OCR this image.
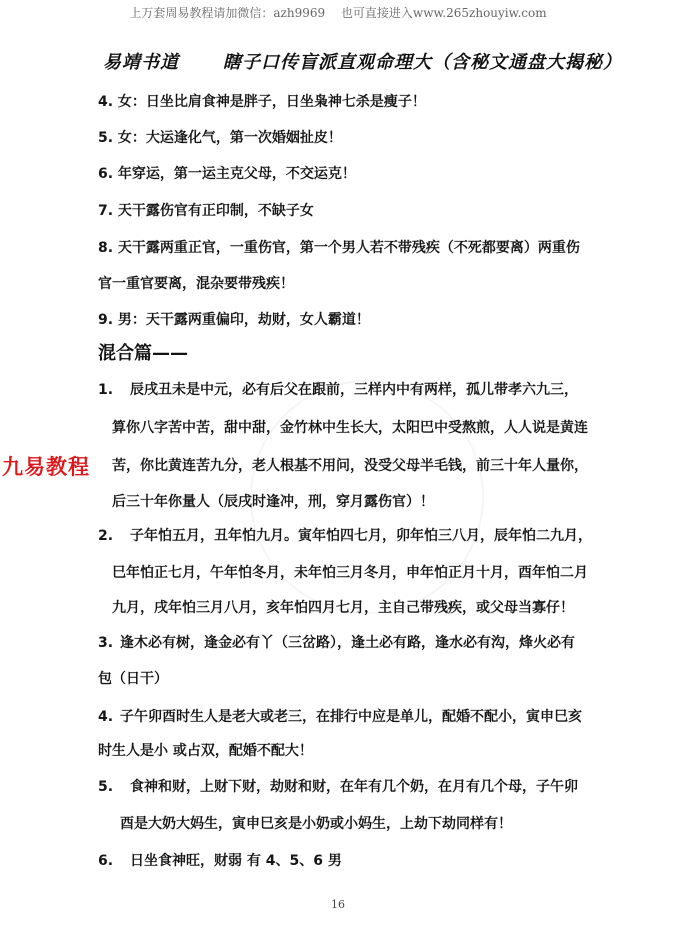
上万套周易教程请加微信：azh9969　 也可直接进入www.265zhouyiw.com
易靖书道 瞎子口传盲派直观命理大（含秘文通盘大揭秘）
4. 女：日坐比肩食神是胖子，日坐枭神七杀是瘦子！
5. 女：大运逢化气，第一次婚姻扯皮！
6. 年穿运，第一运主克父母，不交运克！
7. 天干露伤官有正印制，不缺子女
8. 天干露两重正官，一重伤官，第一个男人若不带残疾（不死都要离）两重伤
官一重官要离，混杂要带残疾！
9. 男：天干露两重偏印，劫财，女人霸道！
混合篇——
1. 辰戌丑未是中元，必有后父在跟前，三样内中有两样，孤儿带孝六九三，
算你八字苦中苦，甜中甜，金竹林中生长大，太阳巴中受熬煎，人人说是黄连
苦，你比黄连苦九分，老人根基不用问，没受父母半毛钱，前三十年人量你，
后三十年你量人（辰戌时逢冲，刑，穿月露伤官）！
2. 子年怕五月，丑年怕九月。寅年怕四七月，卯年怕三八月，辰年怕二九月，
巳年怕正七月，午年怕冬月，未年怕三月冬月，申年怕正月十月，酉年怕二月
九月，戌年怕三月八月，亥年怕四月七月，主自己带残疾，或父母当寡仔！
3. 逢木必有树，逢金必有丫（三岔路），逢土必有路，逢水必有沟，烽火必有
包（日干）
4. 子午卯酉时生人是老大或老三，在排行中应是单儿，配婚不配小，寅申巳亥
时生人是小 或占双，配婚不配大！
5. 食神和财，上财下财，劫财和财，在年有几个奶，在月有几个母，子午卯
酉是大奶大妈生，寅申巳亥是小奶或小妈生，上劫下劫同样有！
6. 日坐食神旺，财弱 有 4、5、6 男
九易教程
16
